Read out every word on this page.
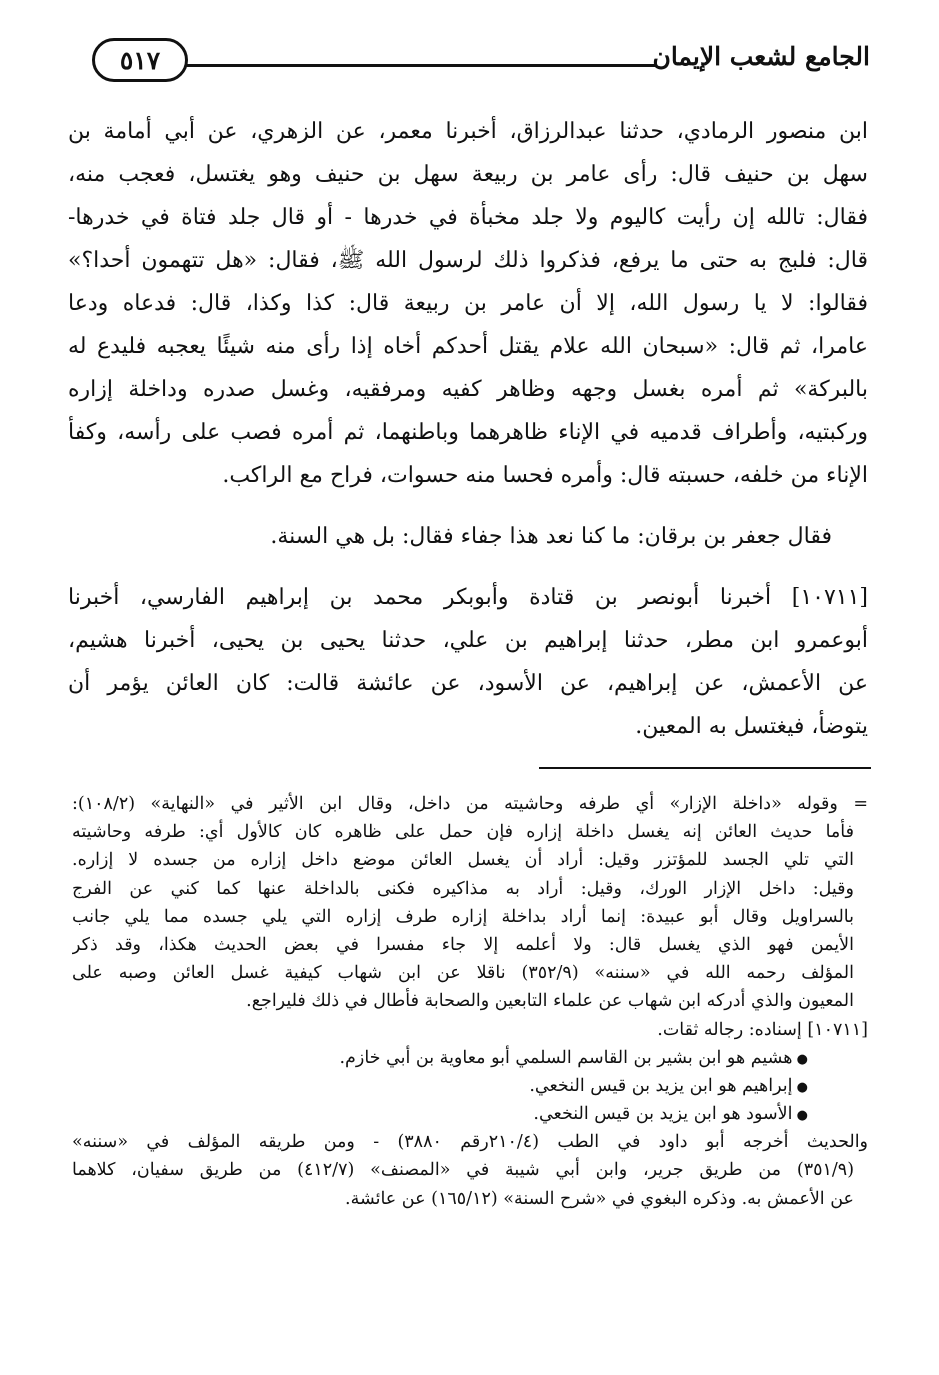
الجامع لشعب الإيمان
٥١٧
ابن منصور الرمادي، حدثنا عبدالرزاق، أخبرنا معمر، عن الزهري، عن أبي أمامة بن
سهل بن حنيف قال: رأى عامر بن ربيعة سهل بن حنيف وهو يغتسل، فعجب منه،
فقال: تالله إن رأيت كاليوم ولا جلد مخبأة في خدرها - أو قال جلد فتاة في خدرها-
قال: فلبج به حتى ما يرفع، فذكروا ذلك لرسول الله ﷺ، فقال: «هل تتهمون أحدا؟»
فقالوا: لا يا رسول الله، إلا أن عامر بن ربيعة قال: كذا وكذا، قال: فدعاه ودعا
عامرا، ثم قال: «سبحان الله علام يقتل أحدكم أخاه إذا رأى منه شيئًا يعجبه فليدع له
بالبركة» ثم أمره بغسل وجهه وظاهر كفيه ومرفقيه، وغسل صدره وداخلة إزاره
وركبتيه، وأطراف قدميه في الإناء ظاهرهما وباطنهما، ثم أمره فصب على رأسه، وكفأ
الإناء من خلفه، حسبته قال: وأمره فحسا منه حسوات، فراح مع الراكب.
فقال جعفر بن برقان: ما كنا نعد هذا جفاء فقال: بل هي السنة.
[١٠٧١١] أخبرنا أبونصر بن قتادة وأبوبكر محمد بن إبراهيم الفارسي، أخبرنا
أبوعمرو ابن مطر، حدثنا إبراهيم بن علي، حدثنا يحيى بن يحيى، أخبرنا هشيم،
عن الأعمش، عن إبراهيم، عن الأسود، عن عائشة قالت: كان العائن يؤمر أن
يتوضأ، فيغتسل به المعين.
= وقوله «داخلة الإزار» أي طرفه وحاشيته من داخل، وقال ابن الأثير في «النهاية» (١٠٨/٢):
فأما حديث العائن إنه يغسل داخلة إزاره فإن حمل على ظاهره كان كالأول أي: طرفه وحاشيته
التي تلي الجسد للمؤتزر وقيل: أراد أن يغسل العائن موضع داخل إزاره من جسده لا إزاره.
وقيل: داخل الإزار الورك، وقيل: أراد به مذاكيره فكنى بالداخلة عنها كما كني عن الفرج
بالسراويل وقال أبو عبيدة: إنما أراد بداخلة إزاره طرف إزاره التي يلي جسده مما يلي جانب
الأيمن فهو الذي يغسل قال: ولا أعلمه إلا جاء مفسرا في بعض الحديث هكذا، وقد ذكر
المؤلف رحمه الله في «سننه» (٣٥٢/٩) ناقلا عن ابن شهاب كيفية غسل العائن وصبه على
المعيون والذي أدركه ابن شهاب عن علماء التابعين والصحابة فأطال في ذلك فليراجع.
[١٠٧١١] إسناده: رجاله ثقات.
● هشيم هو ابن بشير بن القاسم السلمي أبو معاوية بن أبي خازم.
● إبراهيم هو ابن يزيد بن قيس النخعي.
● الأسود هو ابن يزيد بن قيس النخعي.
والحديث أخرجه أبو داود في الطب (٢١٠/٤رقم ٣٨٨٠) - ومن طريقه المؤلف في «سننه»
(٣٥١/٩) من طريق جرير، وابن أبي شيبة في «المصنف» (٤١٢/٧) من طريق سفيان، كلاهما
عن الأعمش به. وذكره البغوي في «شرح السنة» (١٦٥/١٢) عن عائشة.
